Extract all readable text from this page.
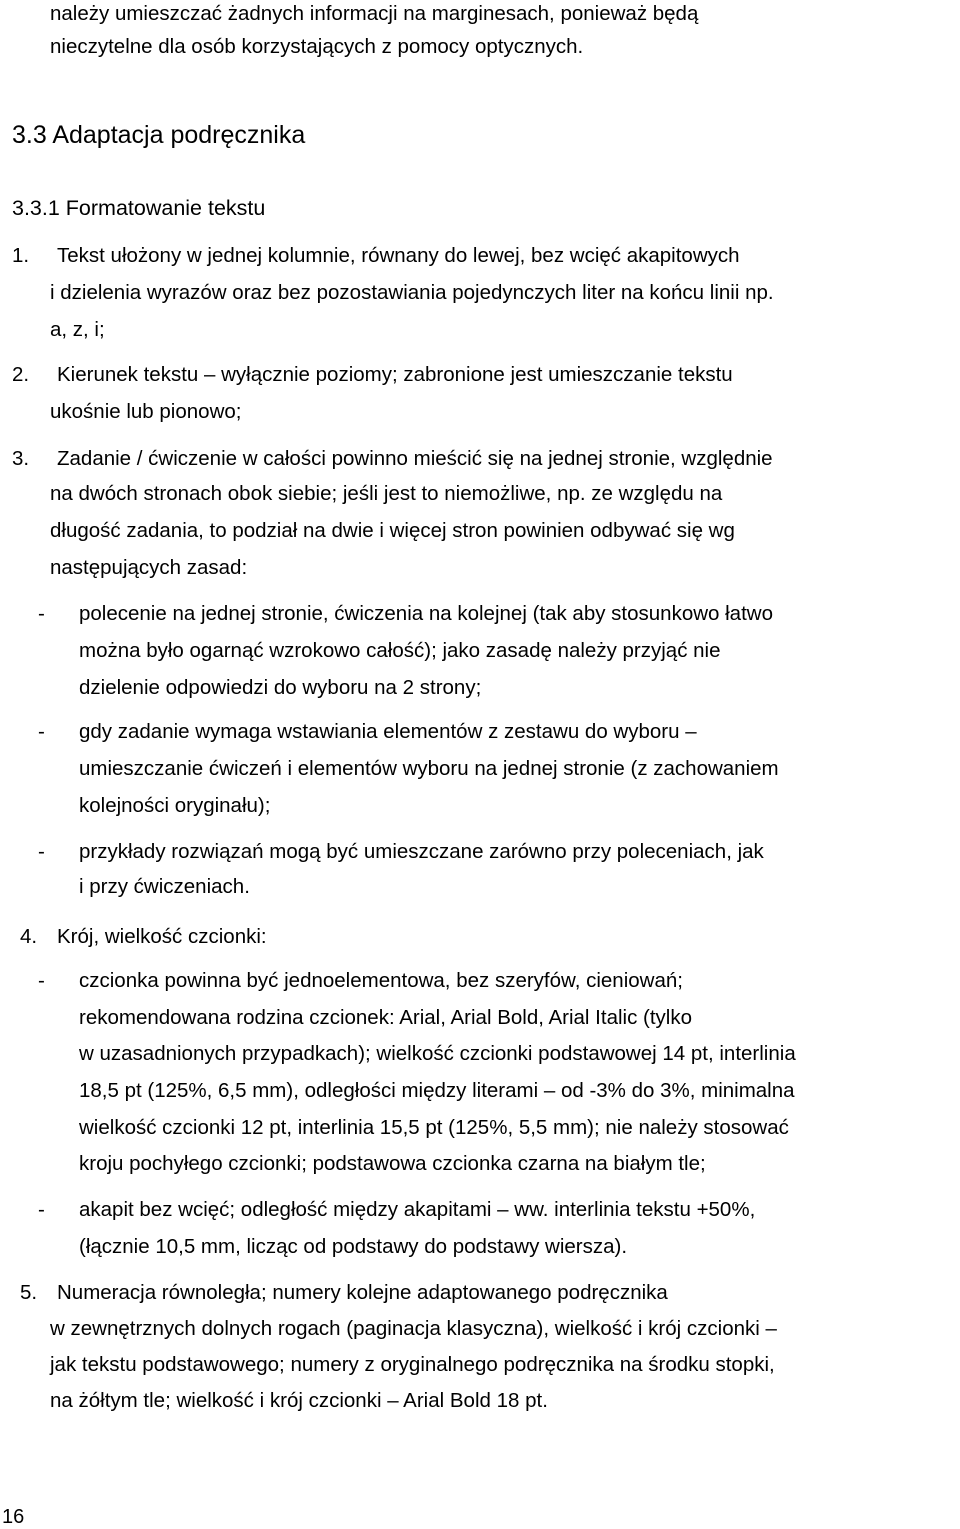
należy umieszczać żadnych informacji na marginesach, ponieważ będą
nieczytelne dla osób korzystających z pomocy optycznych.
3.3 Adaptacja podręcznika
3.3.1 Formatowanie tekstu
1. Tekst ułożony w jednej kolumnie, równany do lewej, bez wcięć akapitowych
i dzielenia wyrazów oraz bez pozostawiania pojedynczych liter na końcu linii np.
a, z, i;
2. Kierunek tekstu – wyłącznie poziomy; zabronione jest umieszczanie tekstu
ukośnie lub pionowo;
3. Zadanie / ćwiczenie w całości powinno mieścić się na jednej stronie, względnie
na dwóch stronach obok siebie; jeśli jest to niemożliwe, np. ze względu na
długość zadania, to podział na dwie i więcej stron powinien odbywać się wg
następujących zasad:
- polecenie na jednej stronie, ćwiczenia na kolejnej (tak aby stosunkowo łatwo
można było ogarnąć wzrokowo całość); jako zasadę należy przyjąć nie
dzielenie odpowiedzi do wyboru na 2 strony;
- gdy zadanie wymaga wstawiania elementów z zestawu do wyboru –
umieszczanie ćwiczeń i elementów wyboru na jednej stronie (z zachowaniem
kolejności oryginału);
- przykłady rozwiązań mogą być umieszczane zarówno przy poleceniach, jak
i przy ćwiczeniach.
4. Krój, wielkość czcionki:
- czcionka powinna być jednoelementowa, bez szeryfów, cieniowań;
rekomendowana rodzina czcionek: Arial, Arial Bold, Arial Italic (tylko
w uzasadnionych przypadkach); wielkość czcionki podstawowej 14 pt, interlinia
18,5 pt (125%, 6,5 mm), odległości między literami – od -3% do 3%, minimalna
wielkość czcionki 12 pt, interlinia 15,5 pt (125%, 5,5 mm); nie należy stosować
kroju pochyłego czcionki; podstawowa czcionka czarna na białym tle;
- akapit bez wcięć; odległość między akapitami – ww. interlinia tekstu +50%,
(łącznie 10,5 mm, licząc od podstawy do podstawy wiersza).
5. Numeracja równoległa; numery kolejne adaptowanego podręcznika
w zewnętrznych dolnych rogach (paginacja klasyczna), wielkość i krój czcionki –
jak tekstu podstawowego; numery z oryginalnego podręcznika na środku stopki,
na żółtym tle; wielkość i krój czcionki – Arial Bold 18 pt.
16
